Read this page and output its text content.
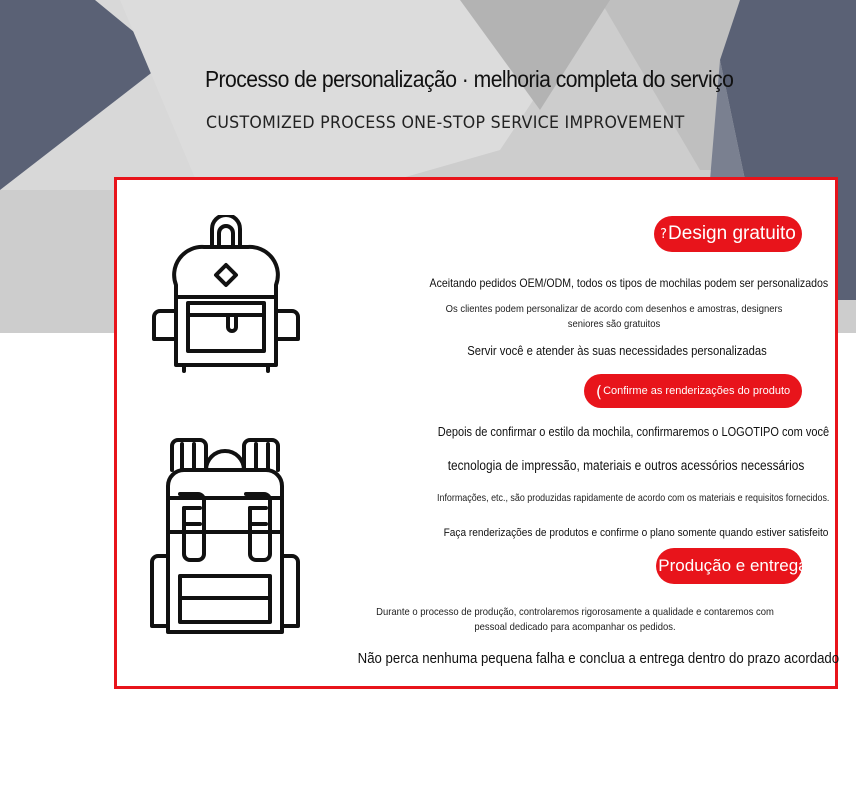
Processo de personalização · melhoria completa do serviço
CUSTOMIZED PROCESS ONE-STOP SERVICE IMPROVEMENT
? Design gratuito
Aceitando pedidos OEM/ODM, todos os tipos de mochilas podem ser personalizados
Os clientes podem personalizar de acordo com desenhos e amostras, designers seniores são gratuitos
Servir você e atender às suas necessidades personalizadas
( Confirme as renderizações do produto
Depois de confirmar o estilo da mochila, confirmaremos o LOGOTIPO com você
tecnologia de impressão, materiais e outros acessórios necessários
Informações, etc., são produzidas rapidamente de acordo com os materiais e requisitos fornecidos.
Faça renderizações de produtos e confirme o plano somente quando estiver satisfeito
? Produção e entrega
Durante o processo de produção, controlaremos rigorosamente a qualidade e contaremos com pessoal dedicado para acompanhar os pedidos.
Não perca nenhuma pequena falha e conclua a entrega dentro do prazo acordado
